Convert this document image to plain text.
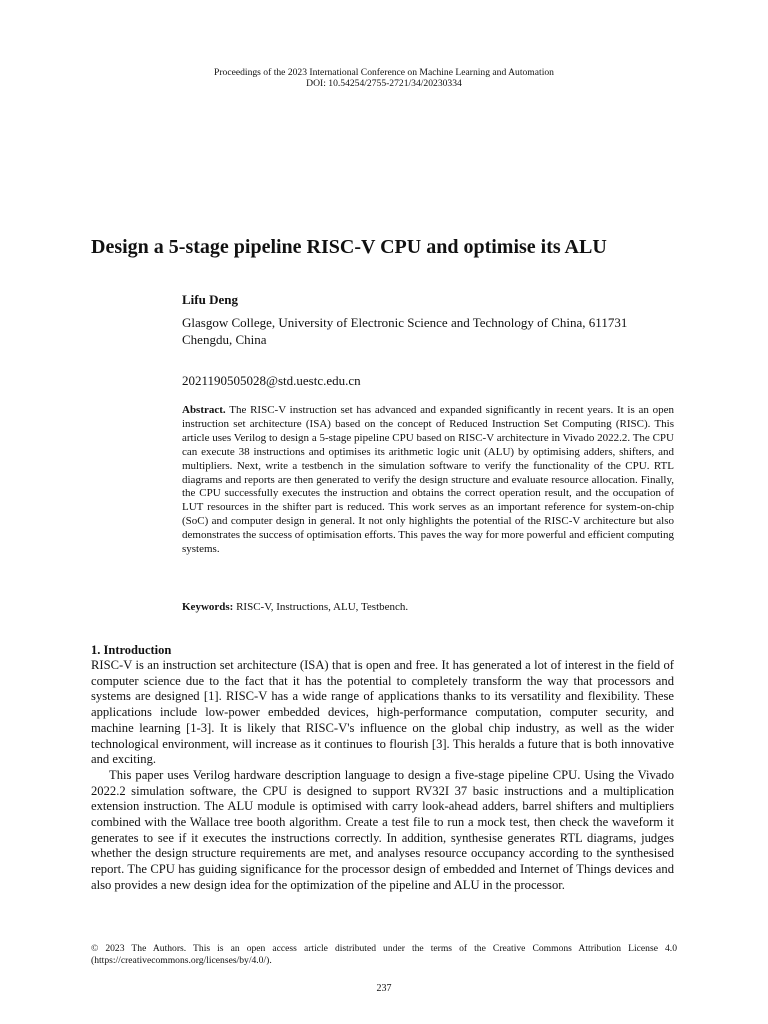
Proceedings of the 2023 International Conference on Machine Learning and Automation
DOI: 10.54254/2755-2721/34/20230334
Design a 5-stage pipeline RISC-V CPU and optimise its ALU
Lifu Deng
Glasgow College, University of Electronic Science and Technology of China, 611731
Chengdu, China
2021190505028@std.uestc.edu.cn

Abstract. The RISC-V instruction set has advanced and expanded significantly in recent years. It is an open instruction set architecture (ISA) based on the concept of Reduced Instruction Set Computing (RISC). This article uses Verilog to design a 5-stage pipeline CPU based on RISC-V architecture in Vivado 2022.2. The CPU can execute 38 instructions and optimises its arithmetic logic unit (ALU) by optimising adders, shifters, and multipliers. Next, write a testbench in the simulation software to verify the functionality of the CPU. RTL diagrams and reports are then generated to verify the design structure and evaluate resource allocation. Finally, the CPU successfully executes the instruction and obtains the correct operation result, and the occupation of LUT resources in the shifter part is reduced. This work serves as an important reference for system-on-chip (SoC) and computer design in general. It not only highlights the potential of the RISC-V architecture but also demonstrates the success of optimisation efforts. This paves the way for more powerful and efficient computing systems.

Keywords: RISC-V, Instructions, ALU, Testbench.
1. Introduction

RISC-V is an instruction set architecture (ISA) that is open and free. It has generated a lot of interest in the field of computer science due to the fact that it has the potential to completely transform the way that processors and systems are designed [1]. RISC-V has a wide range of applications thanks to its versatility and flexibility. These applications include low-power embedded devices, high-performance computation, computer security, and machine learning [1-3]. It is likely that RISC-V's influence on the global chip industry, as well as the wider technological environment, will increase as it continues to flourish [3]. This heralds a future that is both innovative and exciting.

This paper uses Verilog hardware description language to design a five-stage pipeline CPU. Using the Vivado 2022.2 simulation software, the CPU is designed to support RV32I 37 basic instructions and a multiplication extension instruction. The ALU module is optimised with carry look-ahead adders, barrel shifters and multipliers combined with the Wallace tree booth algorithm. Create a test file to run a mock test, then check the waveform it generates to see if it executes the instructions correctly. In addition, synthesise generates RTL diagrams, judges whether the design structure requirements are met, and analyses resource occupancy according to the synthesised report. The CPU has guiding significance for the processor design of embedded and Internet of Things devices and also provides a new design idea for the optimization of the pipeline and ALU in the processor.

© 2023 The Authors. This is an open access article distributed under the terms of the Creative Commons Attribution License 4.0 (https://creativecommons.org/licenses/by/4.0/).
237
